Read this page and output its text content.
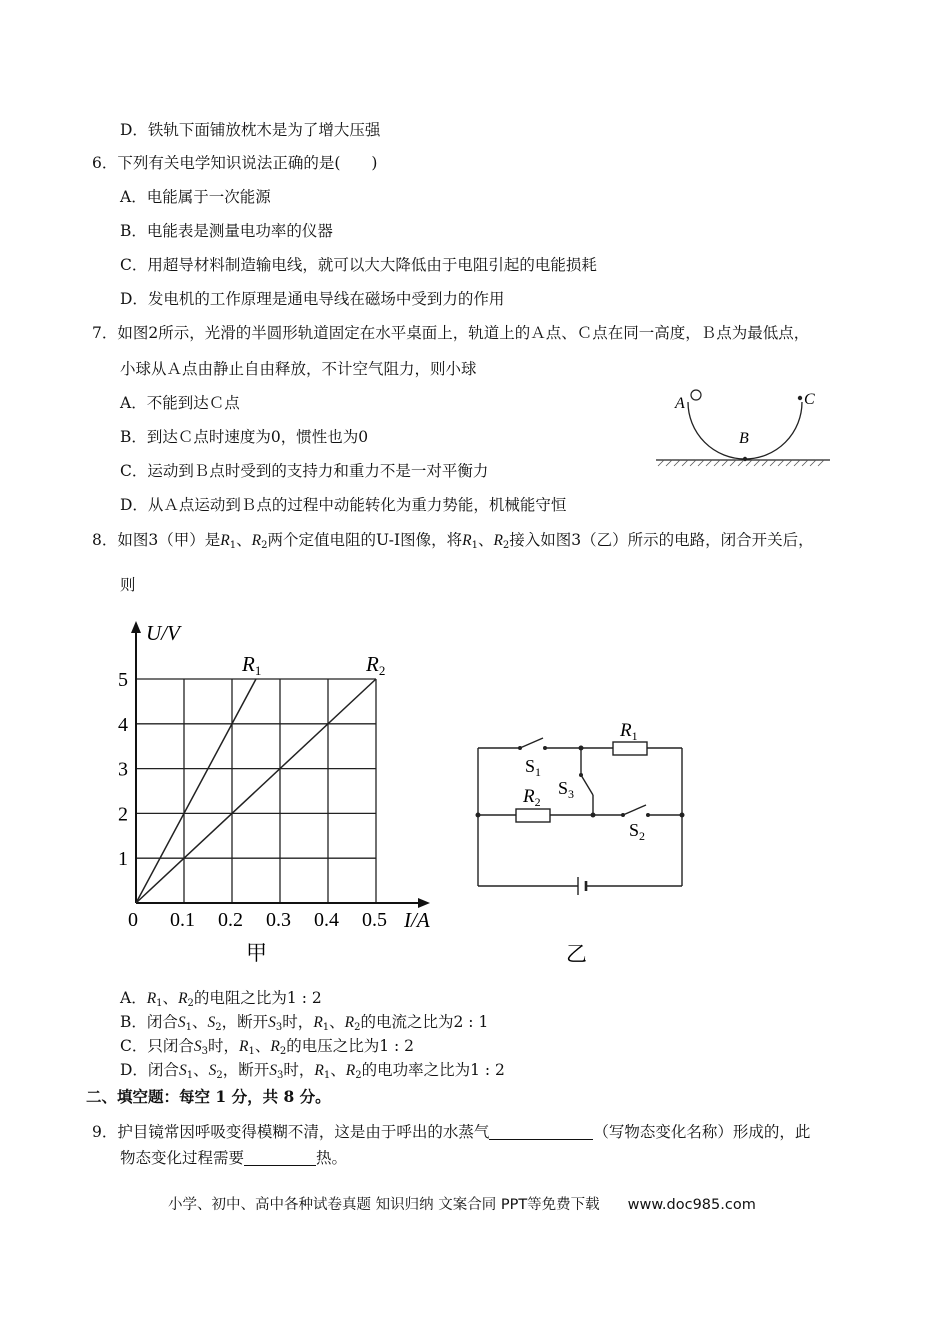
D．铁轨下面铺放枕木是为了增大压强
6．下列有关电学知识说法正确的是(　　)
A．电能属于一次能源
B．电能表是测量电功率的仪器
C．用超导材料制造输电线，就可以大大降低由于电阻引起的电能损耗
D．发电机的工作原理是通电导线在磁场中受到力的作用
7．如图2所示，光滑的半圆形轨道固定在水平桌面上，轨道上的Ａ点、Ｃ点在同一高度，Ｂ点为最低点，
小球从Ａ点由静止自由释放，不计空气阻力，则小球
A．不能到达Ｃ点
B．到达Ｃ点时速度为0，惯性也为0
C．运动到Ｂ点时受到的支持力和重力不是一对平衡力
D．从Ａ点运动到Ｂ点的过程中动能转化为重力势能，机械能守恒
A
B
C
8．如图3（甲）是$R_1$、$R_2$两个定值电阻的U-I图像，将$R_1$、$R_2$接入如图3（乙）所示的电路，闭合开关后，
则
R1	R2
0 0.1 0.2 0.3 0.4 0.5
1
2
3
4
5
U/V
I/A
甲
$R_1$
$R_2$
$S_1$
$S_3$
$S_2$
乙
A．$R_1$、$R_2$的电阻之比为1 : 2
B．闭合$S_1$、$S_2$，断开$S_3$时，$R_1$、$R_2$的电流之比为2 : 1
C．只闭合$S_3$时，$R_1$、$R_2$的电压之比为1 : 2
D．闭合$S_1$、$S_2$，断开$S_3$时，$R_1$、$R_2$的电功率之比为1 : 2
二、填空题：每空 1 分，共 8 分。
9．护目镜常因呼吸变得模糊不清，这是由于呼出的水蒸气	（写物态变化名称）形成的，此
物态变化过程需要	热。
小学、初中、高中各种试卷真题 知识归纳 文案合同 PPT等免费下载 www.doc985.com
